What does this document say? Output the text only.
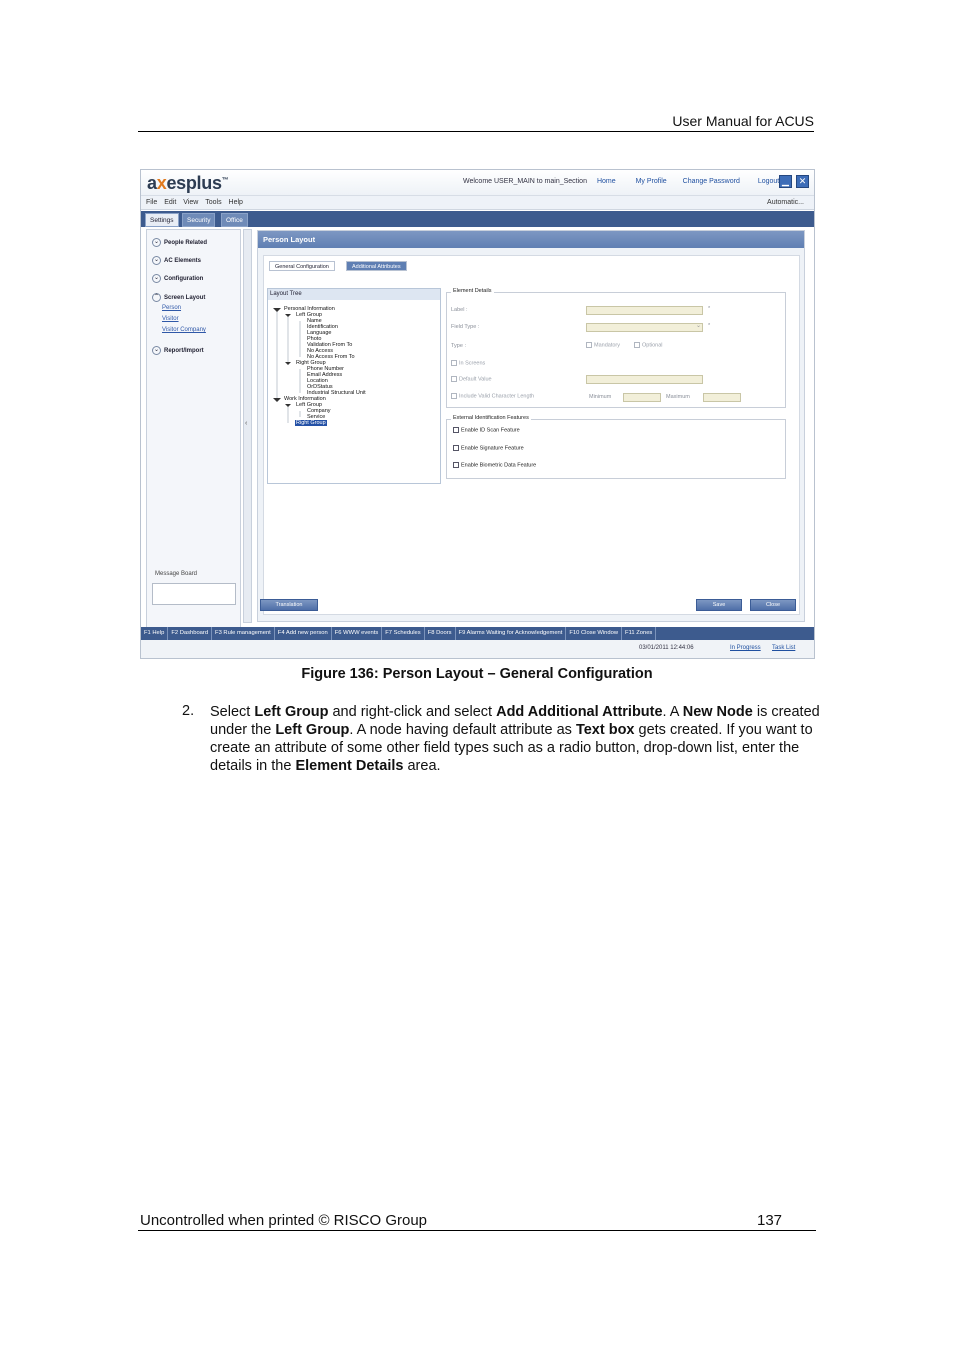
User Manual for ACUS
axesplus™	Welcome USER_MAIN to main_Section Home	My Profile Change Password	Logout ▁	✕
File Edit View Tools Help	Automatic...
Settings	Security	Office
⌄ People Related
⌄ AC Elements
⌄ Configuration
⌃ Screen Layout
Person
Visitor
Visitor Company
⌄ Report/Import
Message Board
‹
Person Layout
General Configuration	Additional Attributes
Layout Tree
Personal Information
Left Group
Name
Identification
Language
Photo
Validation From To
No Access
No Access From To
Right Group
Phone Number
Email Address
Location
OrDStatus
Industrial Structural Unit
Work Information
Left Group
Company
Service
Right Group
Element Details
Label :	*
Field Type :	⌄ *
Type :	Mandatory	Optional
In Screens
Default Value
Include Valid Character Length	Minimum	Maximum
External Identification Features
Enable ID Scan Feature
Enable Signature Feature
Enable Biometric Data Feature
Translation	Save	Close
F1 Help F2 Dashboard F3 Rule management F4 Add new person F6 WWW events F7 Schedules F8 Doors F9 Alarms Waiting for Acknowledgement F10 Close Window F11 Zones
03/01/2011 12:44:06	In Progress Task List
Figure 136: Person Layout – General Configuration
2. Select Left Group and right-click and select Add Additional Attribute. A New Node is created under the Left Group. A node having default attribute as Text box gets created. If you want to create an attribute of some other field types such as a radio button, drop-down list, enter the details in the Element Details area.
Uncontrolled when printed © RISCO Group	137
